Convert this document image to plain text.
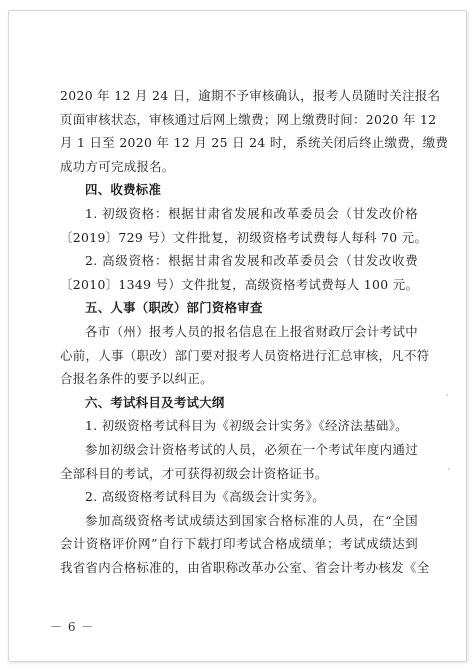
2020 年 12 月 24 日，逾期不予审核确认，报考人员随时关注报名
页面审核状态，审核通过后网上缴费；网上缴费时间：2020 年 12
月 1 日至 2020 年 12 月 25 日 24 时，系统关闭后终止缴费，缴费
成功方可完成报名。
四、收费标准
1. 初级资格：根据甘肃省发展和改革委员会（甘发改价格
〔2019〕729 号）文件批复，初级资格考试费每人每科 70 元。
2. 高级资格：根据甘肃省发展和改革委员会（甘发改收费
〔2010〕1349 号）文件批复，高级资格考试费每人 100 元。
五、人事（职改）部门资格审查
各市（州）报考人员的报名信息在上报省财政厅会计考试中
心前，人事（职改）部门要对报考人员资格进行汇总审核，凡不符
合报名条件的要予以纠正。
六、考试科目及考试大纲
1. 初级资格考试科目为《初级会计实务》《经济法基础》。
参加初级会计资格考试的人员，必须在一个考试年度内通过
全部科目的考试，才可获得初级会计资格证书。
2. 高级资格考试科目为《高级会计实务》。
参加高级资格考试成绩达到国家合格标准的人员，在“全国
会计资格评价网”自行下载打印考试合格成绩单；考试成绩达到
我省省内合格标准的，由省职称改革办公室、省会计考办核发《全
－ 6 －
